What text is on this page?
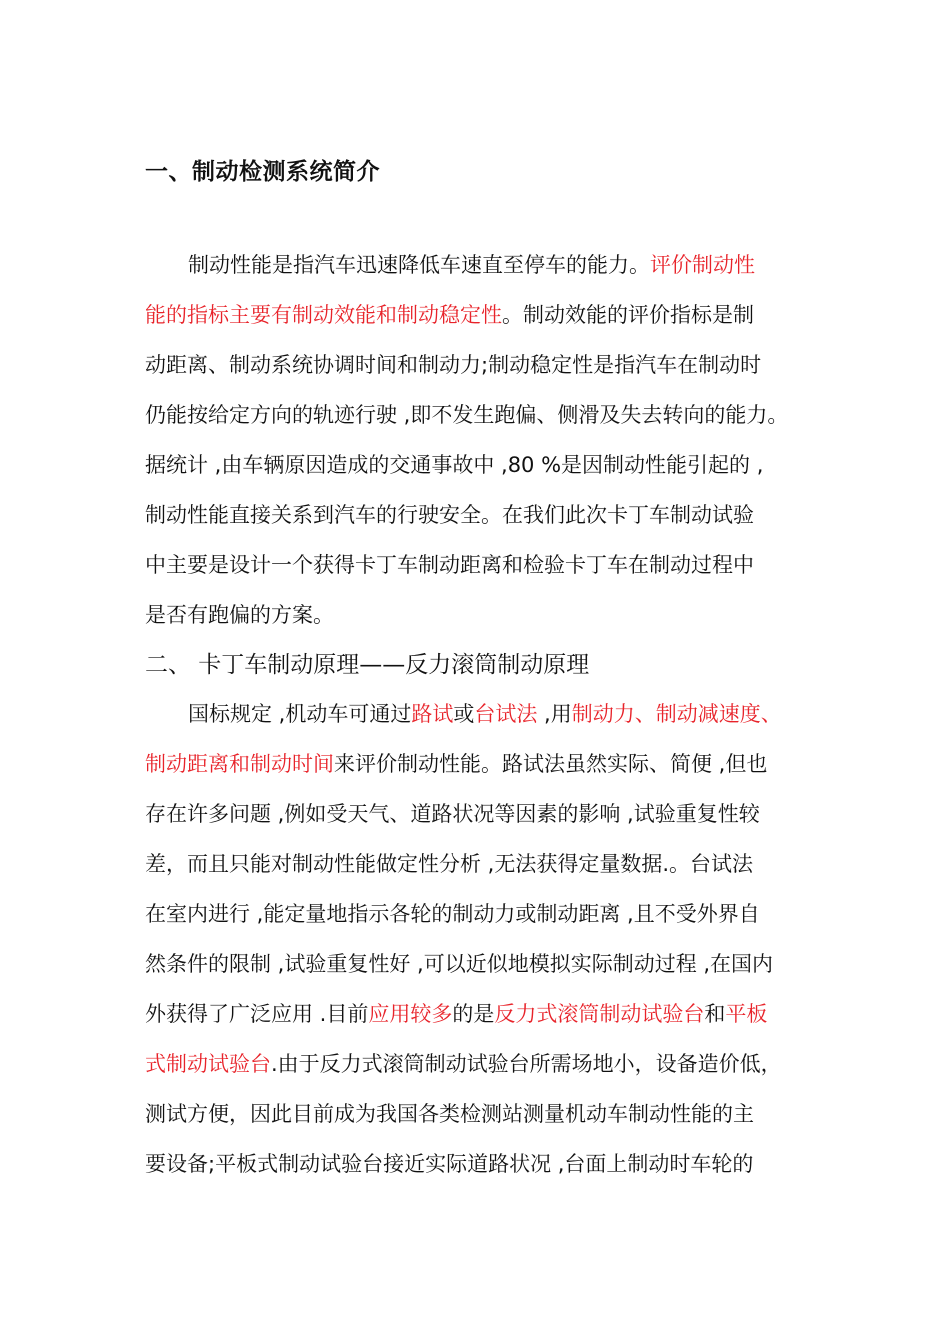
一、制动检测系统简介
制动性能是指汽车迅速降低车速直至停车的能力。评价制动性
能的指标主要有制动效能和制动稳定性。制动效能的评价指标是制
动距离、制动系统协调时间和制动力;制动稳定性是指汽车在制动时
仍能按给定方向的轨迹行驶 ,即不发生跑偏、侧滑及失去转向的能力。
据统计 ,由车辆原因造成的交通事故中 ,80 %是因制动性能引起的 ,
制动性能直接关系到汽车的行驶安全。在我们此次卡丁车制动试验
中主要是设计一个获得卡丁车制动距离和检验卡丁车在制动过程中
是否有跑偏的方案。
二、 卡丁车制动原理——反力滚筒制动原理
国标规定 ,机动车可通过路试或台试法 ,用制动力、制动减速度、
制动距离和制动时间来评价制动性能。路试法虽然实际、简便 ,但也
存在许多问题 ,例如受天气、道路状况等因素的影响 ,试验重复性较
差，而且只能对制动性能做定性分析 ,无法获得定量数据.。台试法
在室内进行 ,能定量地指示各轮的制动力或制动距离 ,且不受外界自
然条件的限制 ,试验重复性好 ,可以近似地模拟实际制动过程 ,在国内
外获得了广泛应用 .目前应用较多的是反力式滚筒制动试验台和平板
式制动试验台.由于反力式滚筒制动试验台所需场地小，设备造价低，
测试方便，因此目前成为我国各类检测站测量机动车制动性能的主
要设备;平板式制动试验台接近实际道路状况 ,台面上制动时车轮的
